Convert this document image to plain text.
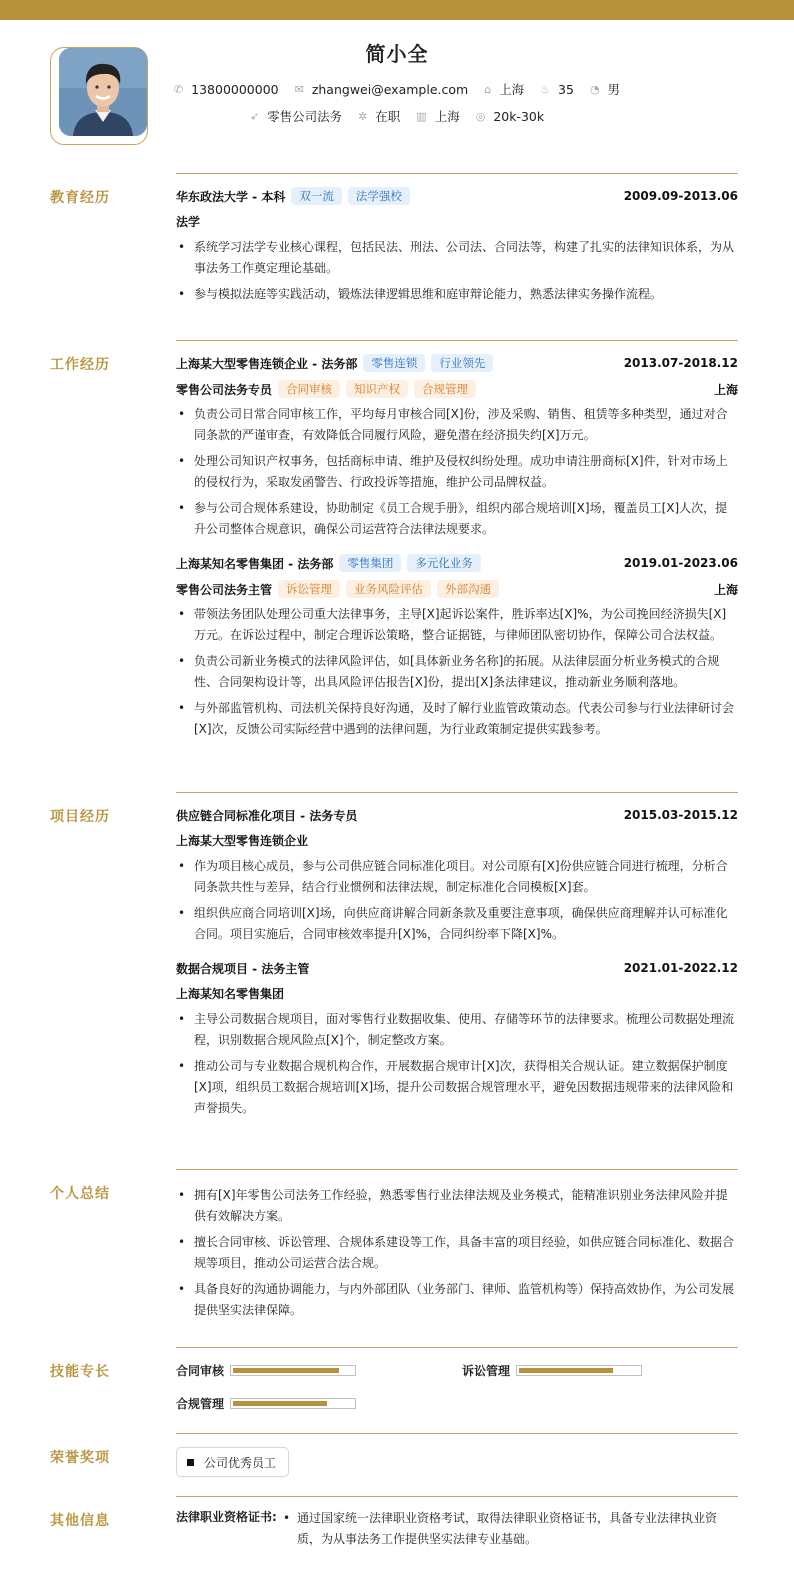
简小全
✆ 13800000000
✉ zhangwei@example.com
⌂ 上海
♨ 35
◔ 男
➶ 零售公司法务
✲ 在职
▥ 上海
◎ 20k-30k
教育经历	华东政法大学 - 本科	双一流	法学强校	2009.09-2013.06
法学
• 系统学习法学专业核心课程，包括民法、刑法、公司法、合同法等，构建了扎实的法律知识体系，为从事法务工作奠定理论基础。
• 参与模拟法庭等实践活动，锻炼法律逻辑思维和庭审辩论能力，熟悉法律实务操作流程。
工作经历	上海某大型零售连锁企业 - 法务部	零售连锁	行业领先	2013.07-2018.12
零售公司法务专员	合同审核	知识产权	合规管理	上海
• 负责公司日常合同审核工作，平均每月审核合同[X]份，涉及采购、销售、租赁等多种类型，通过对合同条款的严谨审查，有效降低合同履行风险，避免潜在经济损失约[X]万元。
• 处理公司知识产权事务，包括商标申请、维护及侵权纠纷处理。成功申请注册商标[X]件，针对市场上的侵权行为，采取发函警告、行政投诉等措施，维护公司品牌权益。
• 参与公司合规体系建设，协助制定《员工合规手册》，组织内部合规培训[X]场，覆盖员工[X]人次，提升公司整体合规意识，确保公司运营符合法律法规要求。
上海某知名零售集团 - 法务部	零售集团	多元化业务	2019.01-2023.06
零售公司法务主管	诉讼管理	业务风险评估	外部沟通	上海
• 带领法务团队处理公司重大法律事务，主导[X]起诉讼案件，胜诉率达[X]%，为公司挽回经济损失[X]万元。在诉讼过程中，制定合理诉讼策略，整合证据链，与律师团队密切协作，保障公司合法权益。
• 负责公司新业务模式的法律风险评估，如[具体新业务名称]的拓展。从法律层面分析业务模式的合规性、合同架构设计等，出具风险评估报告[X]份，提出[X]条法律建议，推动新业务顺利落地。
• 与外部监管机构、司法机关保持良好沟通，及时了解行业监管政策动态。代表公司参与行业法律研讨会[X]次，反馈公司实际经营中遇到的法律问题，为行业政策制定提供实践参考。
项目经历	供应链合同标准化项目 - 法务专员	2015.03-2015.12
上海某大型零售连锁企业
• 作为项目核心成员，参与公司供应链合同标准化项目。对公司原有[X]份供应链合同进行梳理，分析合同条款共性与差异，结合行业惯例和法律法规，制定标准化合同模板[X]套。
• 组织供应商合同培训[X]场，向供应商讲解合同新条款及重要注意事项，确保供应商理解并认可标准化合同。项目实施后，合同审核效率提升[X]%，合同纠纷率下降[X]%。
数据合规项目 - 法务主管	2021.01-2022.12
上海某知名零售集团
• 主导公司数据合规项目，面对零售行业数据收集、使用、存储等环节的法律要求。梳理公司数据处理流程，识别数据合规风险点[X]个，制定整改方案。
• 推动公司与专业数据合规机构合作，开展数据合规审计[X]次，获得相关合规认证。建立数据保护制度[X]项，组织员工数据合规培训[X]场，提升公司数据合规管理水平，避免因数据违规带来的法律风险和声誉损失。
个人总结	• 拥有[X]年零售公司法务工作经验，熟悉零售行业法律法规及业务模式，能精准识别业务法律风险并提供有效解决方案。
• 擅长合同审核、诉讼管理、合规体系建设等工作，具备丰富的项目经验，如供应链合同标准化、数据合规等项目，推动公司运营合法合规。
• 具备良好的沟通协调能力，与内外部团队（业务部门、律师、监管机构等）保持高效协作，为公司发展提供坚实法律保障。
技能专长	合同审核	诉讼管理
合规管理
荣誉奖项	公司优秀员工
其他信息	法律职业资格证书:	• 通过国家统一法律职业资格考试，取得法律职业资格证书，具备专业法律执业资质，为从事法务工作提供坚实法律专业基础。
